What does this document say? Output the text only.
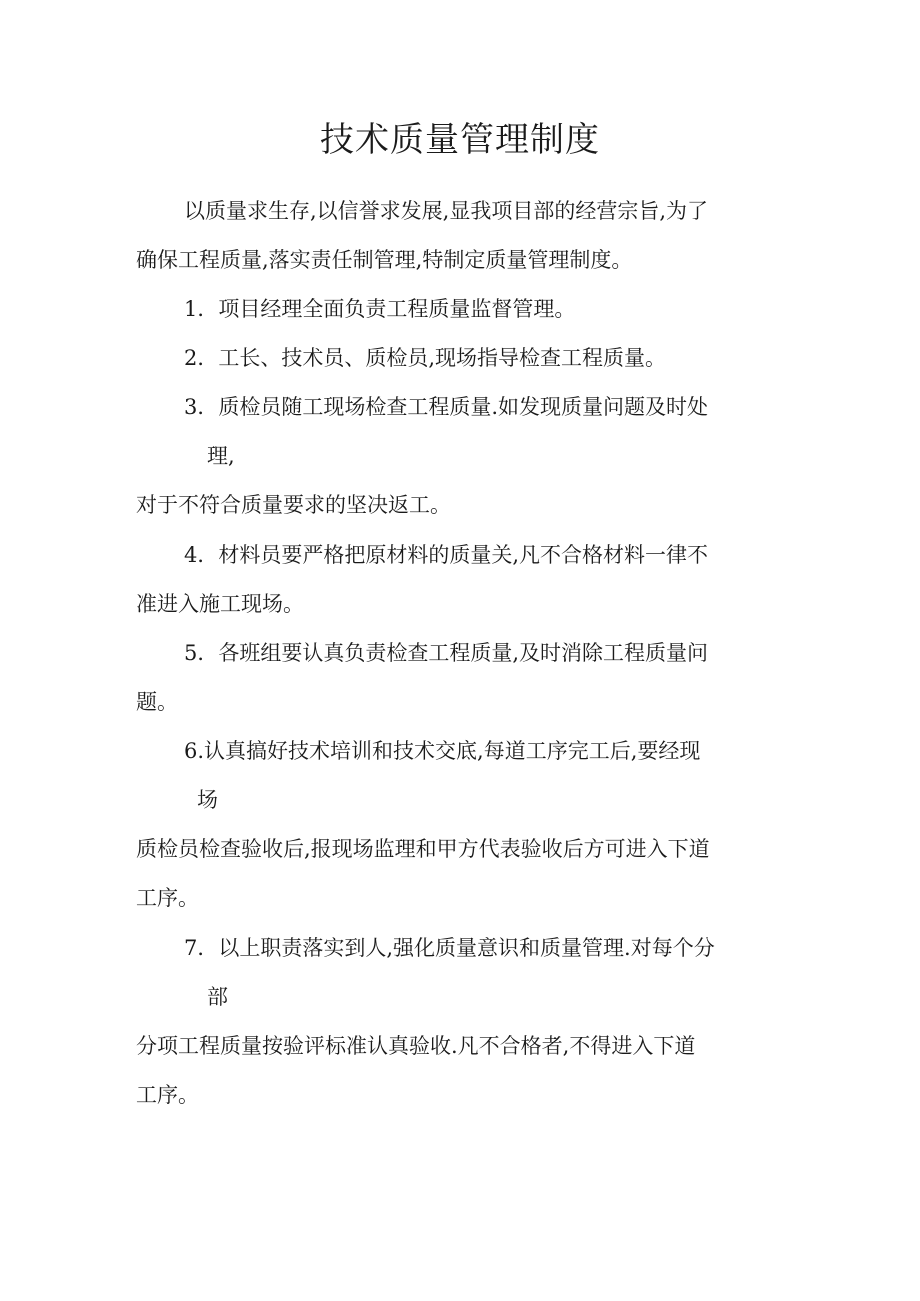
技术质量管理制度

以质量求生存,以信誉求发展,显我项目部的经营宗旨,为了

确保工程质量,落实责任制管理,特制定质量管理制度。

1．项目经理全面负责工程质量监督管理。

2．工长、技术员、质检员,现场指导检查工程质量。

3．质检员随工现场检查工程质量.如发现质量问题及时处

理,

对于不符合质量要求的坚决返工。

4．材料员要严格把原材料的质量关,凡不合格材料一律不

准进入施工现场。

5．各班组要认真负责检查工程质量,及时消除工程质量问

题。

6.认真搞好技术培训和技术交底,每道工序完工后,要经现

场

质检员检查验收后,报现场监理和甲方代表验收后方可进入下道

工序。

7．以上职责落实到人,强化质量意识和质量管理.对每个分

部

分项工程质量按验评标准认真验收.凡不合格者,不得进入下道

工序。
